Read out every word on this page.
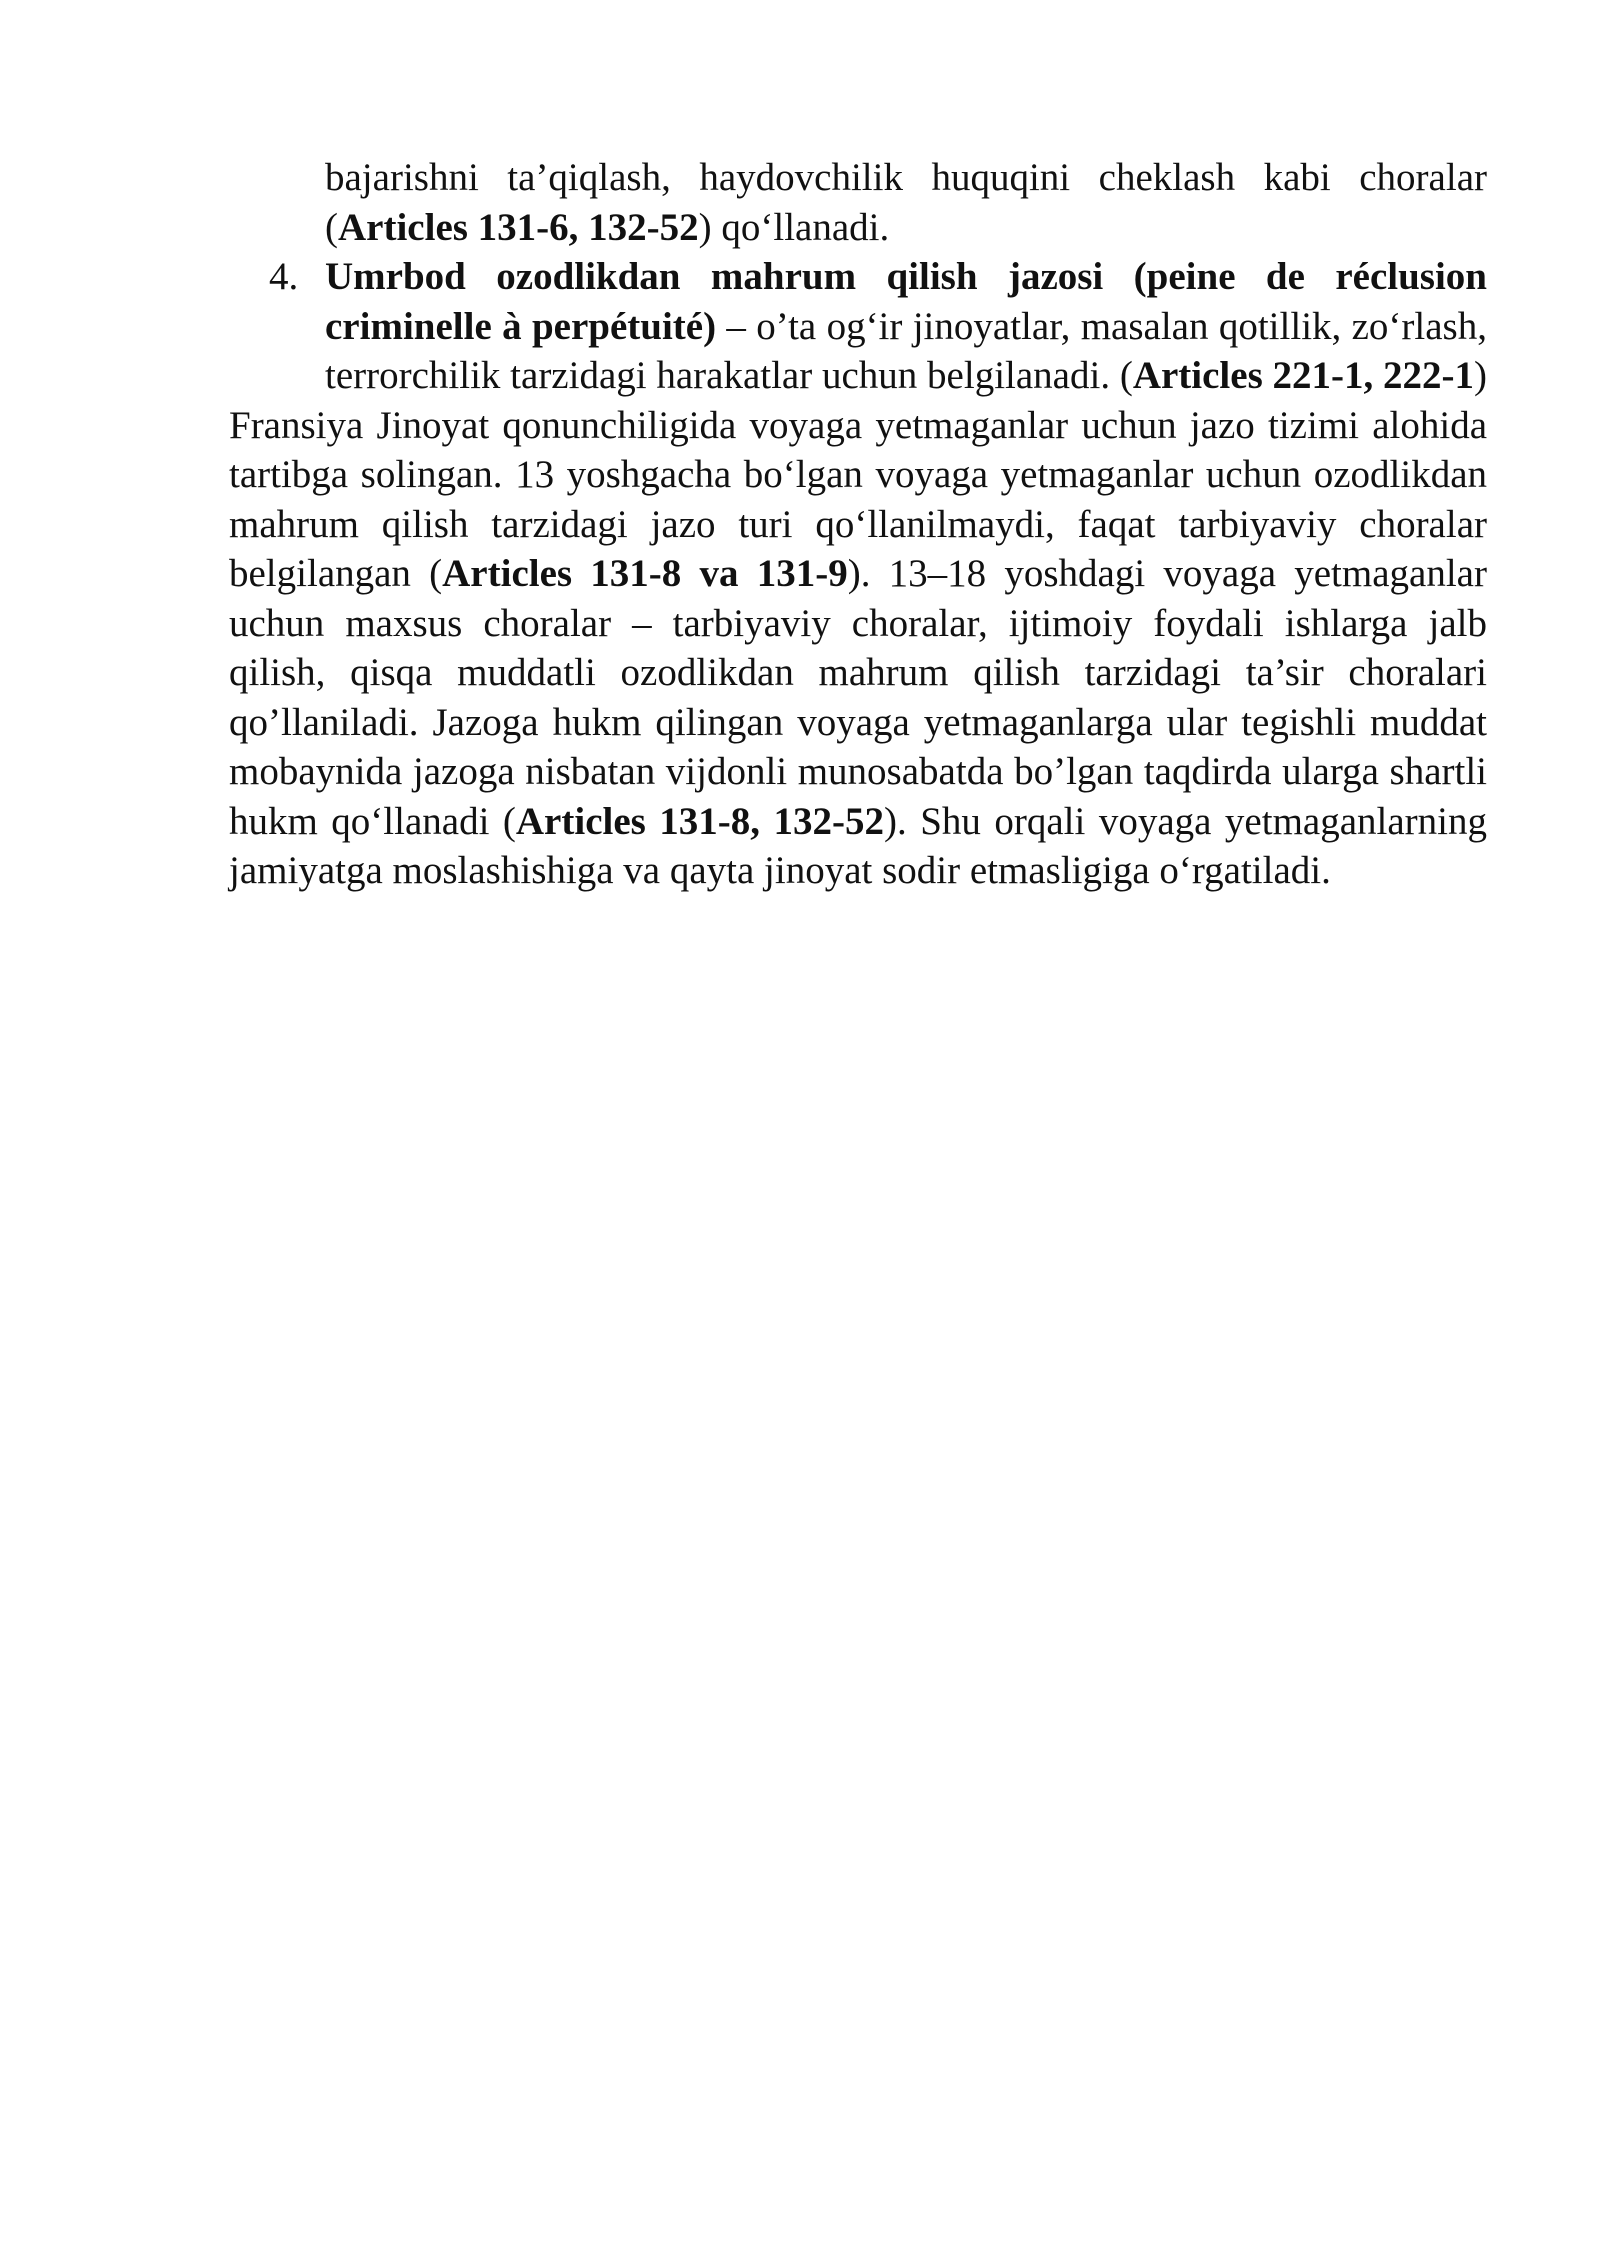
bajarishni ta’qiqlash, haydovchilik huquqini cheklash kabi choralar (Articles 131-6, 132-52) qo‘llanadi.
4. Umrbod ozodlikdan mahrum qilish jazosi (peine de réclusion criminelle à perpétuité) – o’ta og‘ir jinoyatlar, masalan qotillik, zo‘rlash, terrorchilik tarzidagi harakatlar uchun belgilanadi. (Articles 221-1, 222-1)

Fransiya Jinoyat qonunchiligida voyaga yetmaganlar uchun jazo tizimi alohida tartibga solingan. 13 yoshgacha bo‘lgan voyaga yetmaganlar uchun ozodlikdan mahrum qilish tarzidagi jazo turi qo‘llanilmaydi, faqat tarbiyaviy choralar belgilangan (Articles 131-8 va 131-9). 13–18 yoshdagi voyaga yetmaganlar uchun maxsus choralar – tarbiyaviy choralar, ijtimoiy foydali ishlarga jalb qilish, qisqa muddatli ozodlikdan mahrum qilish tarzidagi ta’sir choralari qo’llaniladi. Jazoga hukm qilingan voyaga yetmaganlarga ular tegishli muddat mobaynida jazoga nisbatan vijdonli munosabatda bo’lgan taqdirda ularga shartli hukm qo‘llanadi (Articles 131-8, 132-52). Shu orqali voyaga yetmaganlarning jamiyatga moslashishiga va qayta jinoyat sodir etmasligiga o‘rgatiladi.
